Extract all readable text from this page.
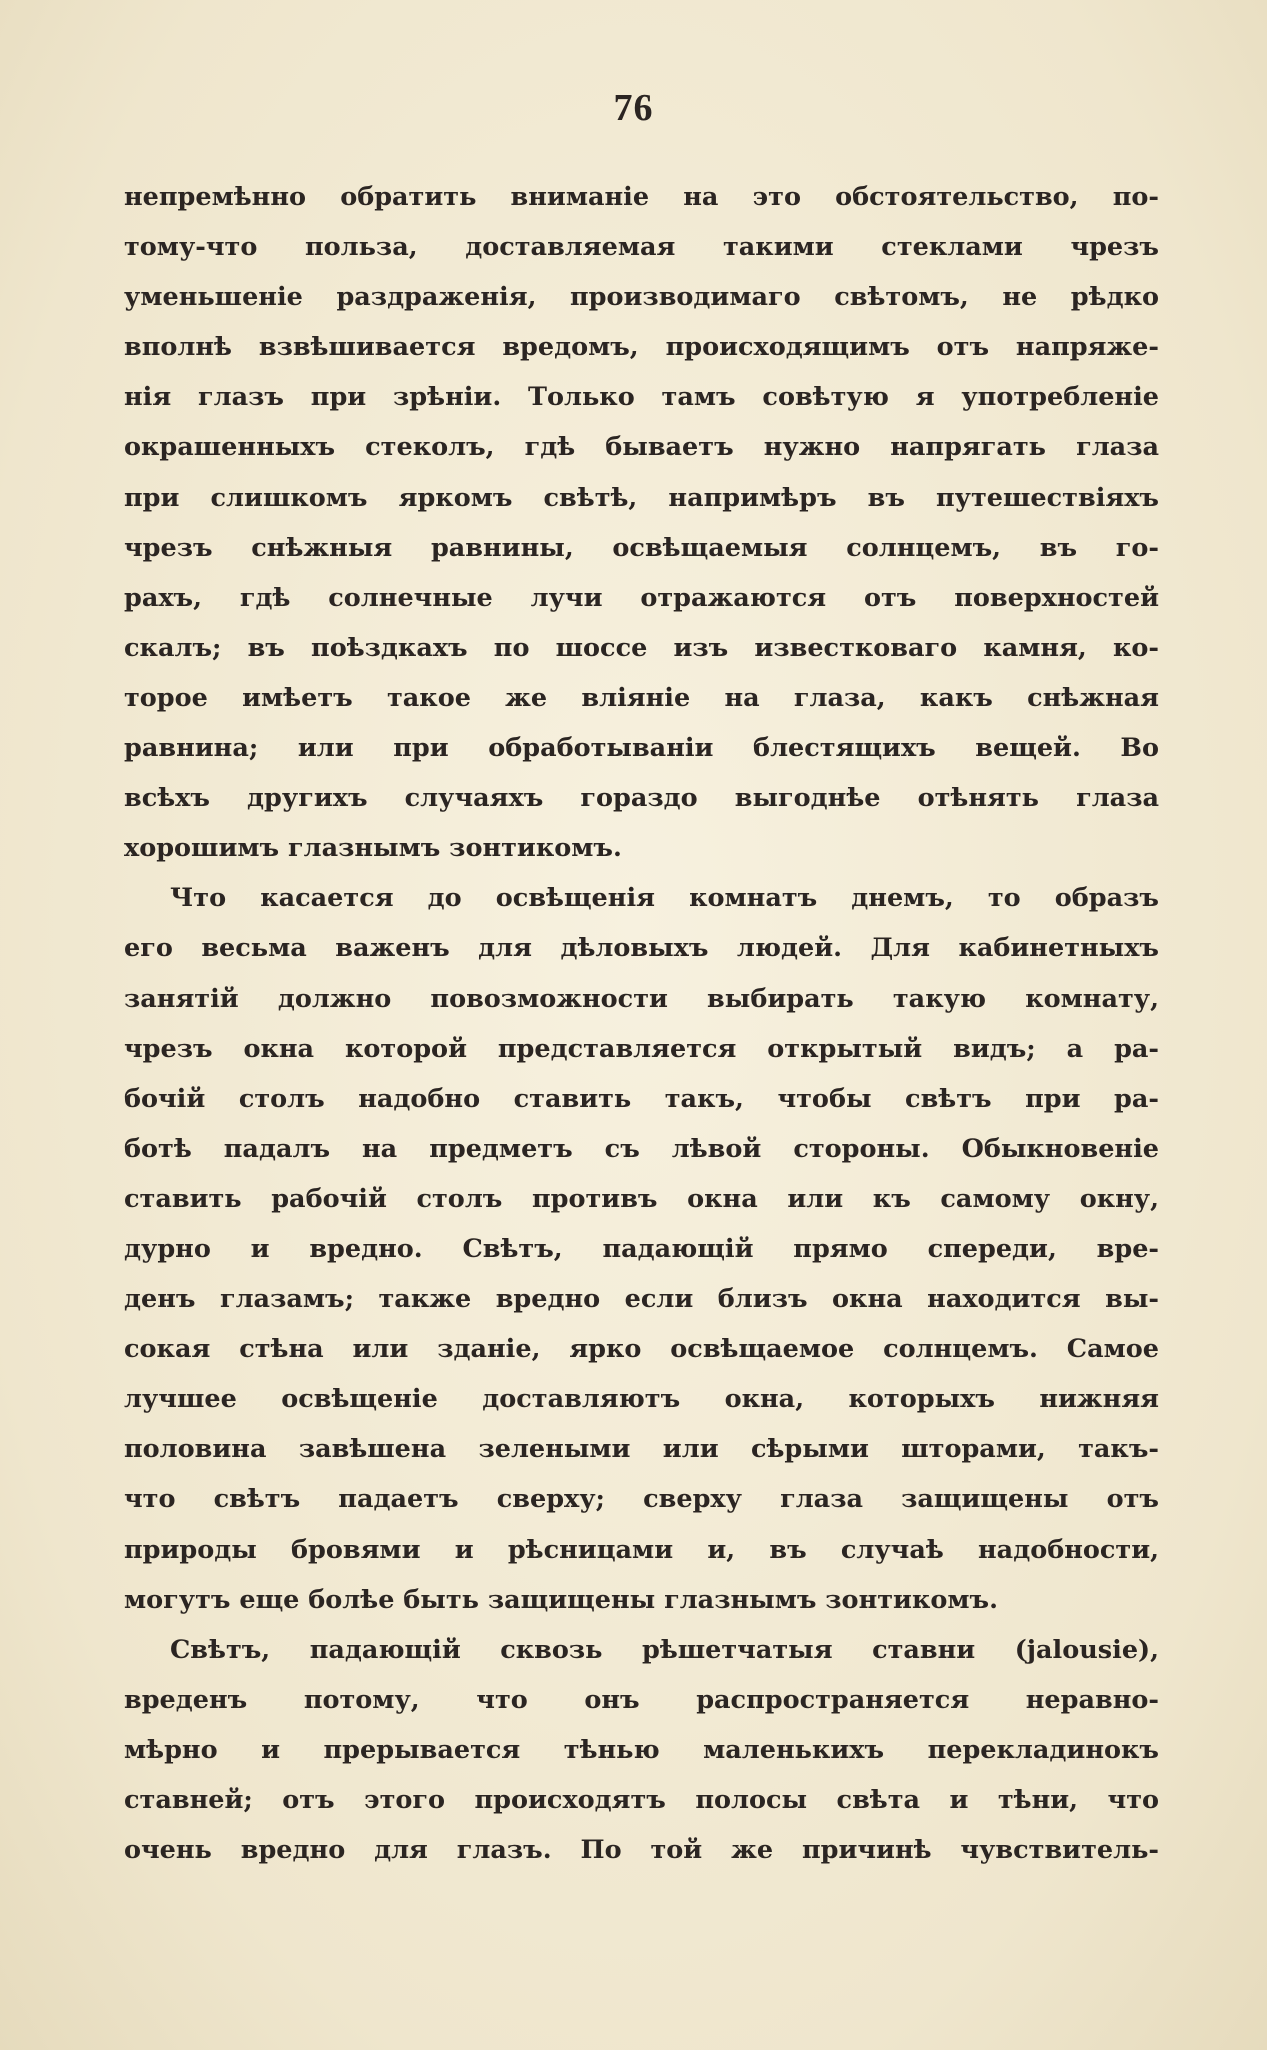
76
непремѣнно обратить вниманіе на это обстоятельство, по-
тому-что польза, доставляемая такими стеклами чрезъ
уменьшеніе раздраженія, производимаго свѣтомъ, не рѣдко
вполнѣ взвѣшивается вредомъ, происходящимъ отъ напряже-
нія глазъ при зрѣніи. Только тамъ совѣтую я употребленіе
окрашенныхъ стеколъ, гдѣ бываетъ нужно напрягать глаза
при слишкомъ яркомъ свѣтѣ, напримѣръ въ путешествіяхъ
чрезъ снѣжныя равнины, освѣщаемыя солнцемъ, въ го-
рахъ, гдѣ солнечные лучи отражаются отъ поверхностей
скалъ; въ поѣздкахъ по шоссе изъ известковаго камня, ко-
торое имѣетъ такое же вліяніе на глаза, какъ снѣжная
равнина; или при обработываніи блестящихъ вещей. Во
всѣхъ другихъ случаяхъ гораздо выгоднѣе отѣнять глаза
хорошимъ глазнымъ зонтикомъ.
Что касается до освѣщенія комнатъ днемъ, то образъ
его весьма важенъ для дѣловыхъ людей. Для кабинетныхъ
занятій должно повозможности выбирать такую комнату,
чрезъ окна которой представляется открытый видъ; а ра-
бочій столъ надобно ставить такъ, чтобы свѣтъ при ра-
ботѣ падалъ на предметъ съ лѣвой стороны. Обыкновеніе
ставить рабочій столъ противъ окна или къ самому окну,
дурно и вредно. Свѣтъ, падающій прямо спереди, вре-
денъ глазамъ; также вредно если близъ окна находится вы-
сокая стѣна или зданіе, ярко освѣщаемое солнцемъ. Самое
лучшее освѣщеніе доставляютъ окна, которыхъ нижняя
половина завѣшена зелеными или сѣрыми шторами, такъ-
что свѣтъ падаетъ сверху; сверху глаза защищены отъ
природы бровями и рѣсницами и, въ случаѣ надобности,
могутъ еще болѣе быть защищены глазнымъ зонтикомъ.
Свѣтъ, падающій сквозь рѣшетчатыя ставни (jalousie),
вреденъ потому, что онъ распространяется неравно-
мѣрно и прерывается тѣнью маленькихъ перекладинокъ
ставней; отъ этого происходятъ полосы свѣта и тѣни, что
очень вредно для глазъ. По той же причинѣ чувствитель-
